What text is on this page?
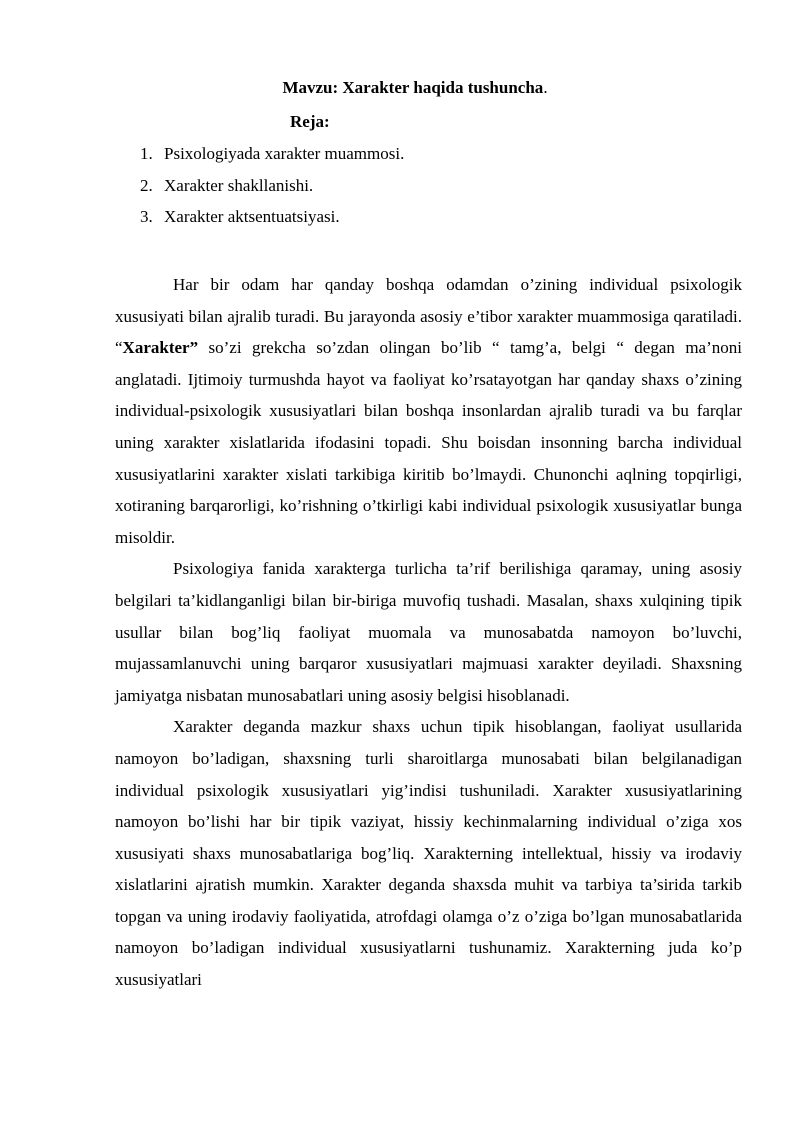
Mavzu: Xarakter haqida tushuncha.
Reja:
1. Psixologiyada xarakter muammosi.
2. Xarakter shakllanishi.
3. Xarakter aktsentuatsiyasi.

Har bir odam har qanday boshqa odamdan o’zining individual psixologik xususiyati bilan ajralib turadi. Bu jarayonda asosiy e’tibor xarakter muammosiga qaratiladi. “Xarakter” so’zi grekcha so’zdan olingan bo’lib “ tamg’a, belgi “ degan ma’noni anglatadi. Ijtimoiy turmushda hayot va faoliyat ko’rsatayotgan har qanday shaxs o’zining individual-psixologik xususiyatlari bilan boshqa insonlardan ajralib turadi va bu farqlar uning xarakter xislatlarida ifodasini topadi. Shu boisdan insonning barcha individual xususiyatlarini xarakter xislati tarkibiga kiritib bo’lmaydi. Chunonchi aqlning topqirligi, xotiraning barqarorligi, ko’rishning o’tkirligi kabi individual psixologik xususiyatlar bunga misoldir.

Psixologiya fanida xarakterga turlicha ta’rif berilishiga qaramay, uning asosiy belgilari ta’kidlanganligi bilan bir-biriga muvofiq tushadi. Masalan, shaxs xulqining tipik usullar bilan bog’liq faoliyat muomala va munosabatda namoyon bo’luvchi, mujassamlanuvchi uning barqaror xususiyatlari majmuasi xarakter deyiladi. Shaxsning jamiyatga nisbatan munosabatlari uning asosiy belgisi hisoblanadi.

Xarakter deganda mazkur shaxs uchun tipik hisoblangan, faoliyat usullarida namoyon bo’ladigan, shaxsning turli sharoitlarga munosabati bilan belgilanadigan individual psixologik xususiyatlari yig’indisi tushuniladi. Xarakter xususiyatlarining namoyon bo’lishi har bir tipik vaziyat, hissiy kechinmalarning individual o’ziga xos xususiyati shaxs munosabatlariga bog’liq. Xarakterning intellektual, hissiy va irodaviy xislatlarini ajratish mumkin. Xarakter deganda shaxsda muhit va tarbiya ta’sirida tarkib topgan va uning irodaviy faoliyatida, atrofdagi olamga o’z o’ziga bo’lgan munosabatlarida namoyon bo’ladigan individual xususiyatlarni tushunamiz. Xarakterning juda ko’p xususiyatlari
